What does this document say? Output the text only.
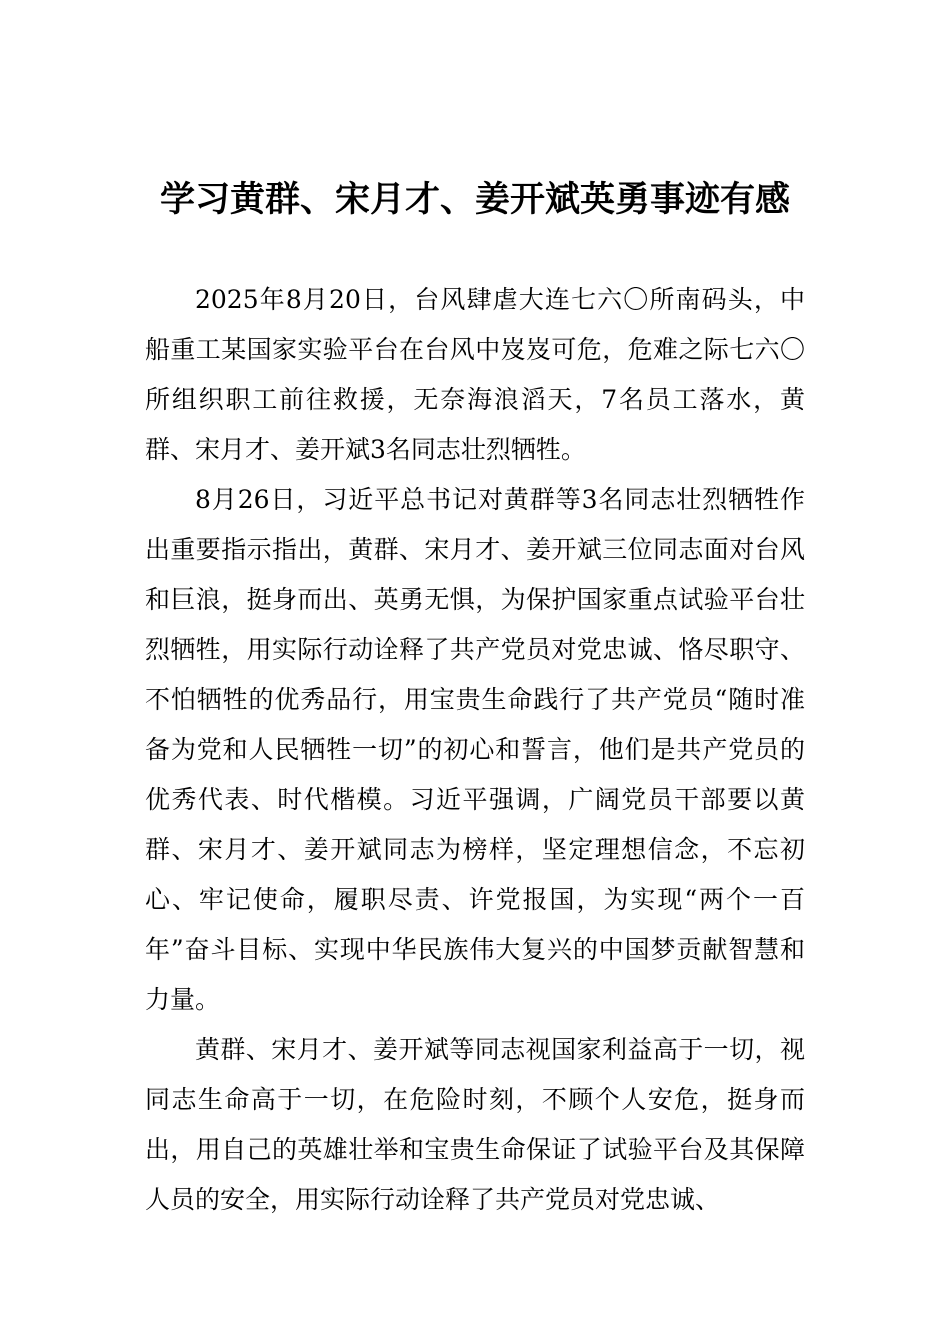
学习黄群、宋月才、姜开斌英勇事迹有感

2025年8月20日，台风肆虐大连七六〇所南码头，中船重工某国家实验平台在台风中岌岌可危，危难之际七六〇所组织职工前往救援，无奈海浪滔天，7名员工落水，黄群、宋月才、姜开斌3名同志壮烈牺牲。

8月26日，习近平总书记对黄群等3名同志壮烈牺牲作出重要指示指出，黄群、宋月才、姜开斌三位同志面对台风和巨浪，挺身而出、英勇无惧，为保护国家重点试验平台壮烈牺牲，用实际行动诠释了共产党员对党忠诚、恪尽职守、不怕牺牲的优秀品行，用宝贵生命践行了共产党员“随时准备为党和人民牺牲一切”的初心和誓言，他们是共产党员的优秀代表、时代楷模。习近平强调，广阔党员干部要以黄群、宋月才、姜开斌同志为榜样，坚定理想信念，不忘初心、牢记使命，履职尽责、许党报国，为实现“两个一百年”奋斗目标、实现中华民族伟大复兴的中国梦贡献智慧和力量。

黄群、宋月才、姜开斌等同志视国家利益高于一切，视同志生命高于一切，在危险时刻，不顾个人安危，挺身而出，用自己的英雄壮举和宝贵生命保证了试验平台及其保障人员的安全，用实际行动诠释了共产党员对党忠诚、
